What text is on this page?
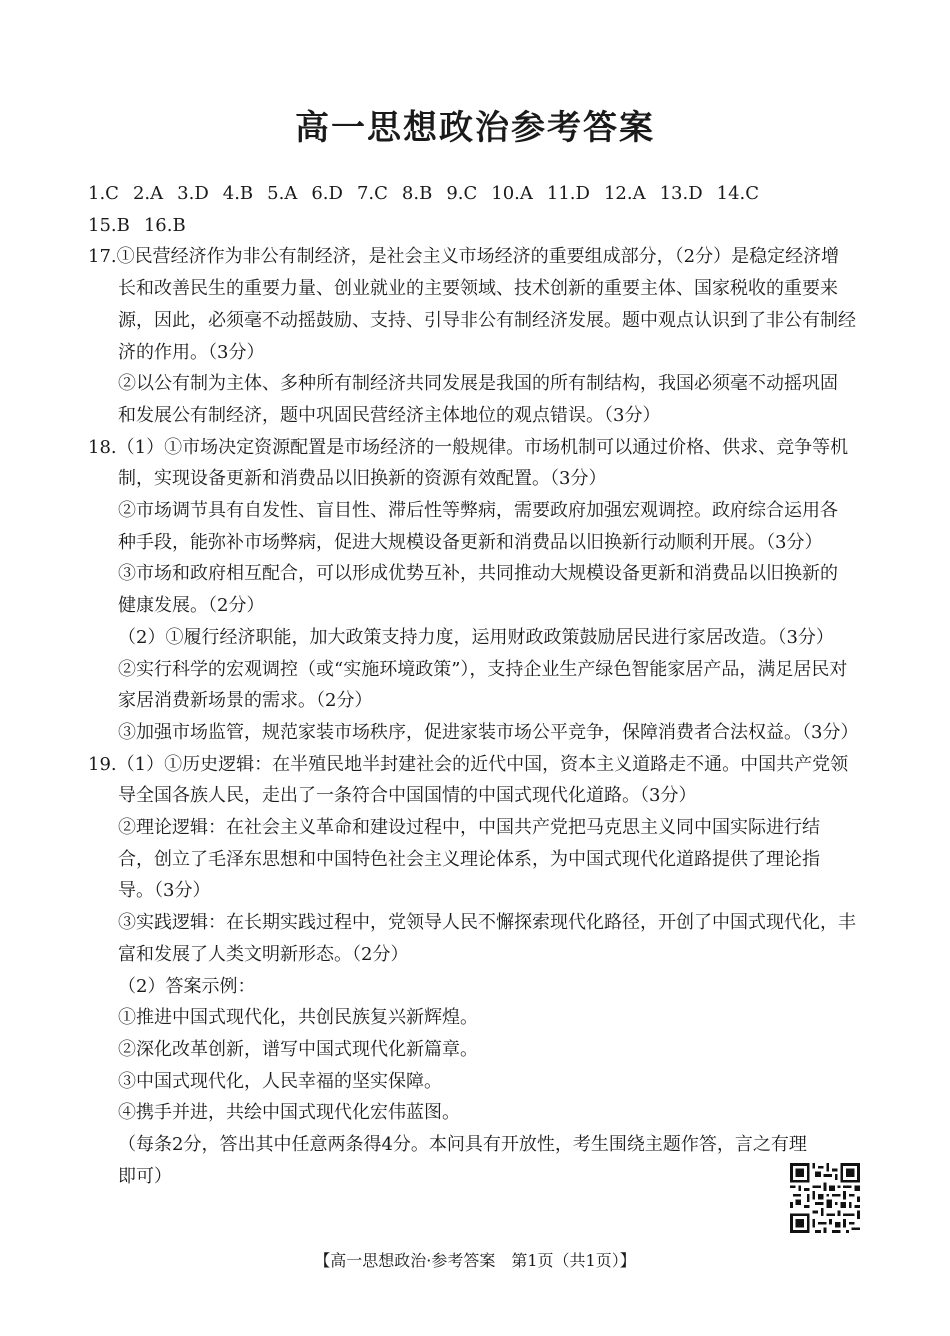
高一思想政治参考答案
1.C 2.A 3.D 4.B 5.A 6.D 7.C 8.B 9.C 10.A 11.D 12.A 13.D 14.C
15.B 16.B
17.①民营经济作为非公有制经济，是社会主义市场经济的重要组成部分，（2分）是稳定经济增
长和改善民生的重要力量、创业就业的主要领域、技术创新的重要主体、国家税收的重要来
源，因此，必须毫不动摇鼓励、支持、引导非公有制经济发展。题中观点认识到了非公有制经
济的作用。（3分）
②以公有制为主体、多种所有制经济共同发展是我国的所有制结构，我国必须毫不动摇巩固
和发展公有制经济，题中巩固民营经济主体地位的观点错误。（3分）
18.（1）①市场决定资源配置是市场经济的一般规律。市场机制可以通过价格、供求、竞争等机
制，实现设备更新和消费品以旧换新的资源有效配置。（3分）
②市场调节具有自发性、盲目性、滞后性等弊病，需要政府加强宏观调控。政府综合运用各
种手段，能弥补市场弊病，促进大规模设备更新和消费品以旧换新行动顺利开展。（3分）
③市场和政府相互配合，可以形成优势互补，共同推动大规模设备更新和消费品以旧换新的
健康发展。（2分）
（2）①履行经济职能，加大政策支持力度，运用财政政策鼓励居民进行家居改造。（3分）
②实行科学的宏观调控（或“实施环境政策”），支持企业生产绿色智能家居产品，满足居民对
家居消费新场景的需求。（2分）
③加强市场监管，规范家装市场秩序，促进家装市场公平竞争，保障消费者合法权益。（3分）
19.（1）①历史逻辑：在半殖民地半封建社会的近代中国，资本主义道路走不通。中国共产党领
导全国各族人民，走出了一条符合中国国情的中国式现代化道路。（3分）
②理论逻辑：在社会主义革命和建设过程中，中国共产党把马克思主义同中国实际进行结
合，创立了毛泽东思想和中国特色社会主义理论体系，为中国式现代化道路提供了理论指
导。（3分）
③实践逻辑：在长期实践过程中，党领导人民不懈探索现代化路径，开创了中国式现代化，丰
富和发展了人类文明新形态。（2分）
（2）答案示例：
①推进中国式现代化，共创民族复兴新辉煌。
②深化改革创新，谱写中国式现代化新篇章。
③中国式现代化，人民幸福的坚实保障。
④携手并进，共绘中国式现代化宏伟蓝图。
（每条2分，答出其中任意两条得4分。本问具有开放性，考生围绕主题作答，言之有理
即可）
【高一思想政治·参考答案　第1页（共1页）】
